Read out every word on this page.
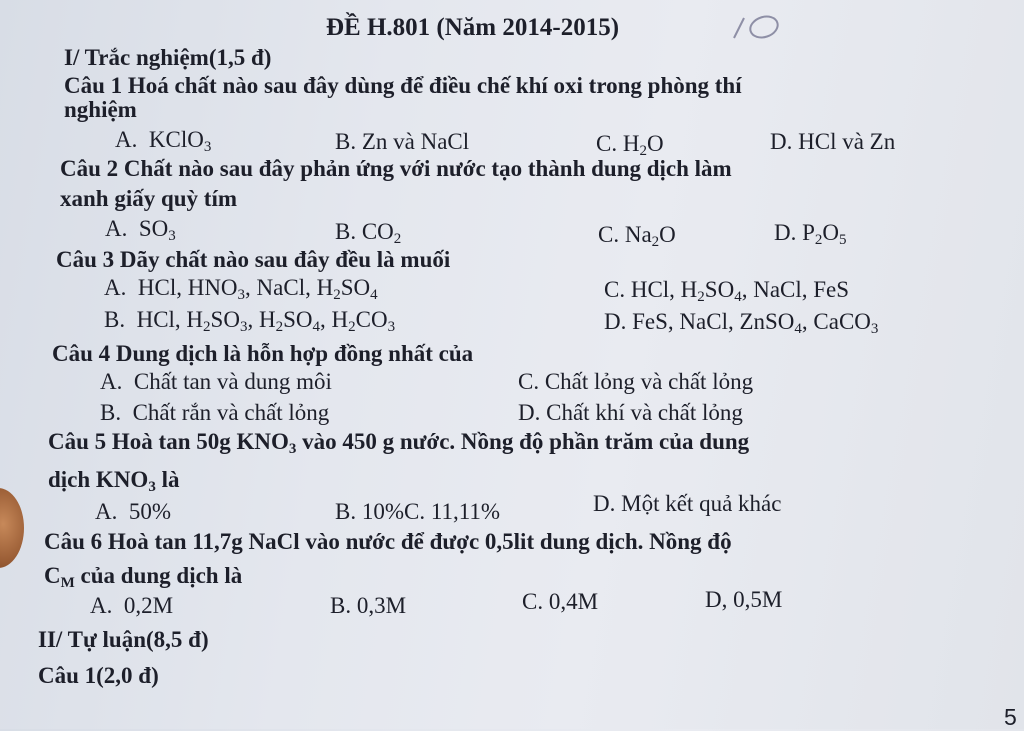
ĐỀ H.801 (Năm 2014-2015)
I/ Trắc nghiệm(1,5 đ)
Câu 1 Hoá chất nào sau đây dùng để điều chế khí oxi trong phòng thí
nghiệm
A. KClO$_3$	B. Zn và NaCl	C. $H_2O$	D. HCl và Zn
Câu 2 Chất nào sau đây phản ứng với nước tạo thành dung dịch làm
xanh giấy quỳ tím
A. $SO_3$	B. $CO_2$	C. $Na_2O$	D. $P_2O_5$
Câu 3 Dãy chất nào sau đây đều là muối
A. HCl, $HNO_3$, NaCl, $H_2SO_4$	C. HCl, $H_2SO_4$, NaCl, FeS
B. HCl, $H_2SO_3$, $H_2SO_4$, $H_2CO_3$	D. FeS, NaCl, ZnSO$_4$, CaCO$_3$
Câu 4 Dung dịch là hỗn hợp đồng nhất của
A. Chất tan và dung môi	C. Chất lỏng và chất lỏng
B. Chất rắn và chất lỏng	D. Chất khí và chất lỏng
Câu 5 Hoà tan 50g $KNO_3$ vào 450 g nước. Nồng độ phần trăm của dung
dịch $KNO_3$ là
A. 50%	B. 10%C. 11,11%	D. Một kết quả khác
Câu 6 Hoà tan 11,7g NaCl vào nước để được 0,5lit dung dịch. Nồng độ
$C_M$ của dung dịch là
A. 0,2M	B. 0,3M	C. 0,4M	D, 0,5M
II/ Tự luận(8,5 đ)
Câu 1(2,0 đ)
5
